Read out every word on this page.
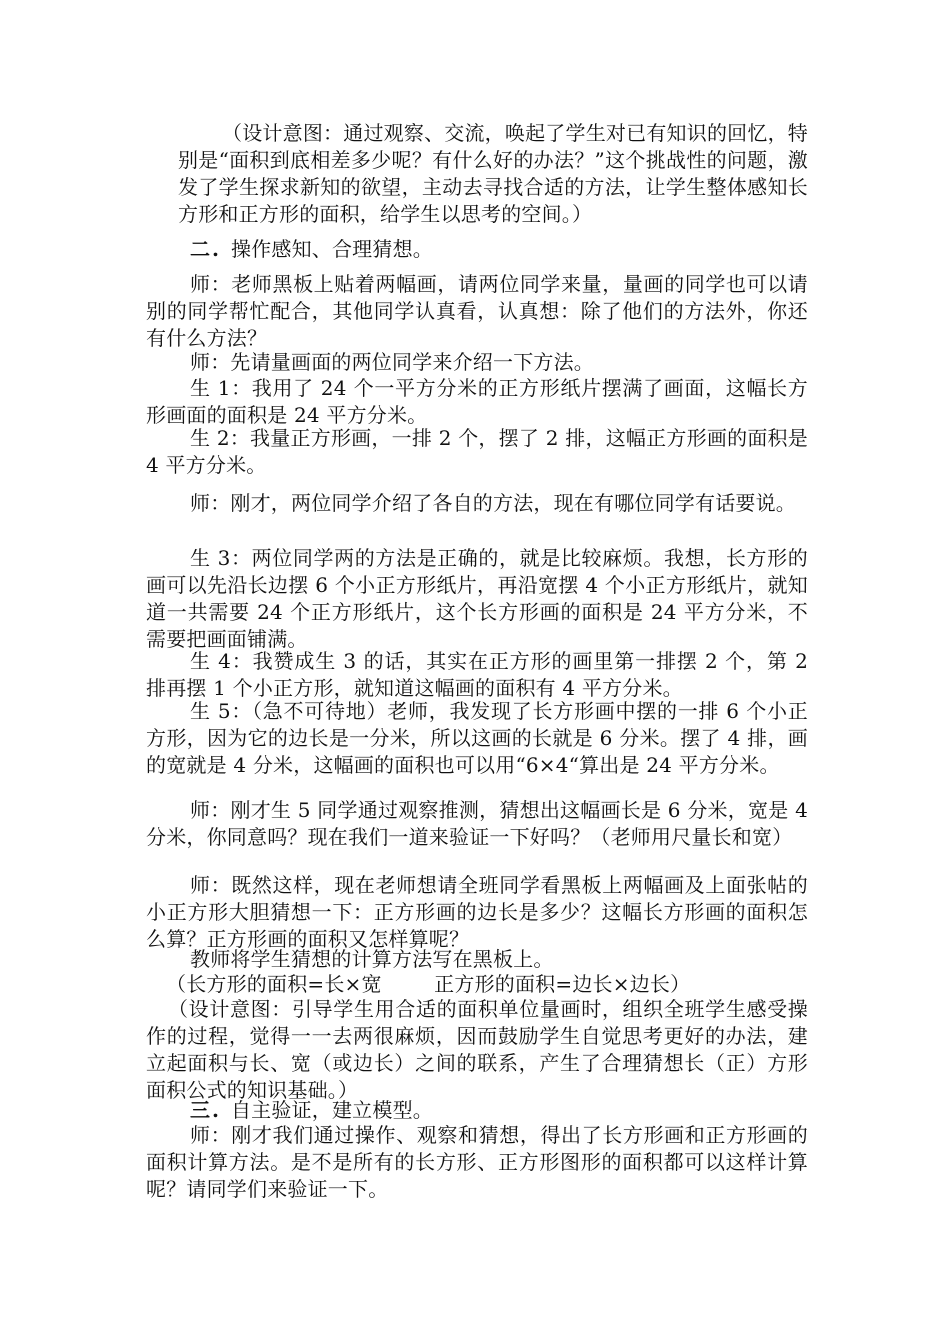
（设计意图：通过观察、交流，唤起了学生对已有知识的回忆，特别是“面积到底相差多少呢？有什么好的办法？”这个挑战性的问题，激发了学生探求新知的欲望，主动去寻找合适的方法，让学生整体感知长方形和正方形的面积，给学生以思考的空间。）

二. 操作感知、合理猜想。

师：老师黑板上贴着两幅画，请两位同学来量，量画的同学也可以请别的同学帮忙配合，其他同学认真看，认真想：除了他们的方法外，你还有什么方法？

师：先请量画面的两位同学来介绍一下方法。

生 1：我用了 24 个一平方分米的正方形纸片摆满了画面，这幅长方形画面的面积是 24 平方分米。

生 2：我量正方形画，一排 2 个，摆了 2 排，这幅正方形画的面积是 4 平方分米。

师：刚才，两位同学介绍了各自的方法，现在有哪位同学有话要说。

生 3：两位同学两的方法是正确的，就是比较麻烦。我想，长方形的画可以先沿长边摆 6 个小正方形纸片，再沿宽摆 4 个小正方形纸片，就知道一共需要 24 个正方形纸片，这个长方形画的面积是 24 平方分米，不需要把画面铺满。

生 4：我赞成生 3 的话，其实在正方形的画里第一排摆 2 个，第 2 排再摆 1 个小正方形，就知道这幅画的面积有 4 平方分米。

生 5：（急不可待地）老师，我发现了长方形画中摆的一排 6 个小正方形，因为它的边长是一分米，所以这画的长就是 6 分米。摆了 4 排，画的宽就是 4 分米，这幅画的面积也可以用“6×4“算出是 24 平方分米。

师：刚才生 5 同学通过观察推测，猜想出这幅画长是 6 分米，宽是 4 分米，你同意吗？现在我们一道来验证一下好吗？（老师用尺量长和宽）

师：既然这样，现在老师想请全班同学看黑板上两幅画及上面张帖的小正方形大胆猜想一下：正方形画的边长是多少？这幅长方形画的面积怎么算？正方形画的面积又怎样算呢？

教师将学生猜想的计算方法写在黑板上。

（长方形的面积=长×宽        正方形的面积=边长×边长）

（设计意图：引导学生用合适的面积单位量画时，组织全班学生感受操作的过程，觉得一一去两很麻烦，因而鼓励学生自觉思考更好的办法，建立起面积与长、宽（或边长）之间的联系，产生了合理猜想长（正）方形面积公式的知识基础。）

三. 自主验证，建立模型。

师：刚才我们通过操作、观察和猜想，得出了长方形画和正方形画的面积计算方法。是不是所有的长方形、正方形图形的面积都可以这样计算呢？请同学们来验证一下。
